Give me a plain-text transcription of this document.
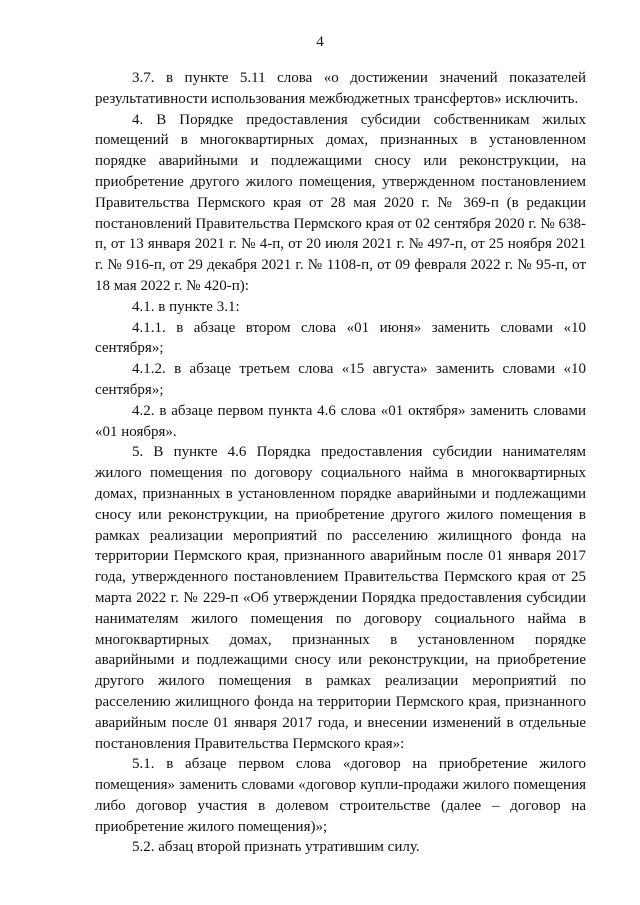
4

3.7. в пункте 5.11 слова «о достижении значений показателей результативности использования межбюджетных трансфертов» исключить.

4. В Порядке предоставления субсидии собственникам жилых помещений в многоквартирных домах, признанных в установленном порядке аварийными и подлежащими сносу или реконструкции, на приобретение другого жилого помещения, утвержденном постановлением Правительства Пермского края от 28 мая 2020 г. № 369-п (в редакции постановлений Правительства Пермского края от 02 сентября 2020 г. № 638-п, от 13 января 2021 г. № 4-п, от 20 июля 2021 г. № 497-п, от 25 ноября 2021 г. № 916-п, от 29 декабря 2021 г. № 1108-п, от 09 февраля 2022 г. № 95-п, от 18 мая 2022 г. № 420-п):

4.1. в пункте 3.1:

4.1.1. в абзаце втором слова «01 июня» заменить словами «10 сентября»;

4.1.2. в абзаце третьем слова «15 августа» заменить словами «10 сентября»;

4.2. в абзаце первом пункта 4.6 слова «01 октября» заменить словами «01 ноября».

5. В пункте 4.6 Порядка предоставления субсидии нанимателям жилого помещения по договору социального найма в многоквартирных домах, признанных в установленном порядке аварийными и подлежащими сносу или реконструкции, на приобретение другого жилого помещения в рамках реализации мероприятий по расселению жилищного фонда на территории Пермского края, признанного аварийным после 01 января 2017 года, утвержденного постановлением Правительства Пермского края от 25 марта 2022 г. № 229-п «Об утверждении Порядка предоставления субсидии нанимателям жилого помещения по договору социального найма в многоквартирных домах, признанных в установленном порядке аварийными и подлежащими сносу или реконструкции, на приобретение другого жилого помещения в рамках реализации мероприятий по расселению жилищного фонда на территории Пермского края, признанного аварийным после 01 января 2017 года, и внесении изменений в отдельные постановления Правительства Пермского края»:

5.1. в абзаце первом слова «договор на приобретение жилого помещения» заменить словами «договор купли-продажи жилого помещения либо договор участия в долевом строительстве (далее – договор на приобретение жилого помещения)»;

5.2. абзац второй признать утратившим силу.
